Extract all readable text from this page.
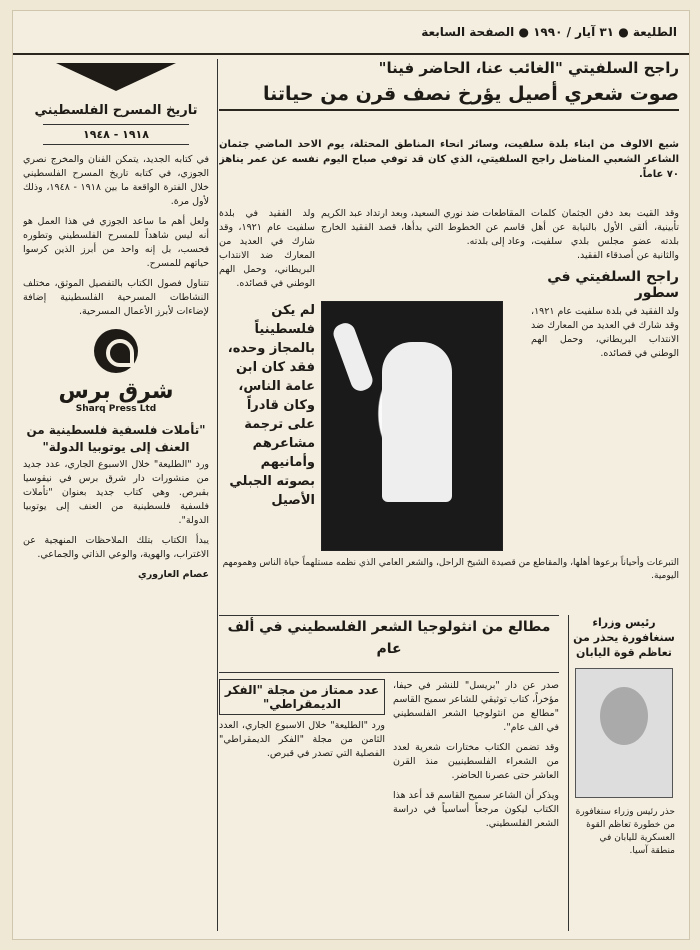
الطليعة ● ٣١ آيار / ١٩٩٠ ● الصفحة السابعة
تاريخ المسرح الفلسطيني
١٩١٨ - ١٩٤٨

في كتابه الجديد، يتمكن الفنان والمخرج نصري الجوزي، في كتابه تاريخ المسرح الفلسطيني خلال الفترة الواقعة ما بين ١٩١٨ - ١٩٤٨، وذلك لأول مرة.

ولعل أهم ما ساعد الجوزي في هذا العمل هو أنه ليس شاهداً للمسرح الفلسطيني وتطوره فحسب، بل إنه واحد من أبرز الذين كرسوا حياتهم للمسرح.

تتناول فصول الكتاب بالتفصيل الموثق، مختلف النشاطات المسرحية الفلسطينية إضافة لإضاءات لأبرز الأعمال المسرحية.

شرق برس
Sharq Press Ltd
"تأملات فلسفية فلسطينية من العنف إلى يوتوبيا الدولة"

ورد "الطليعة" خلال الاسبوع الجاري، عدد جديد من منشورات دار شرق برس في نيقوسيا بقبرص. وهي كتاب جديد بعنوان "تأملات فلسفية فلسطينية من العنف إلى يوتوبيا الدولة".

يبدأ الكتاب بتلك الملاحظات المنهجية عن الاغتراب، والهوية، والوعي الذاتي والجماعي.

عصام العاروري

راجح السلفيتي "الغائب عنا، الحاضر فينا"
صوت شعري أصيل يؤرخ نصف قرن من حياتنا

شيع الالوف من ابناء بلدة سلفيت، وسائر انحاء المناطق المحتلة، يوم الاحد الماضي جثمان الشاعر الشعبي المناضل راجح السلفيتي، الذي كان قد توفي صباح اليوم نفسه عن عمر يناهز ٧٠ عاماً.

وقد القيت بعد دفن الجثمان كلمات تأبينية، ألقى الأول بالنيابة عن أهل بلدته عضو مجلس بلدي سلفيت، والثانية عن أصدقاء الفقيد.

راجح السلفيتي في سطور

ولد الفقيد في بلدة سلفيت عام ١٩٢١، وقد شارك في العديد من المعارك ضد الانتداب البريطاني، وحمل الهم الوطني في قصائده.

المقاطعات ضد نوري السعيد، وبعد ارتداد عبد الكريم قاسم عن الخطوط التي بدأها، قصد الفقيد الخارج وعاد إلى بلدته.

ولد الفقيد في بلدة سلفيت عام ١٩٢١، وقد شارك في العديد من المعارك ضد الانتداب البريطاني، وحمل الهم الوطني في قصائده.

لم يكن فلسطينياً بالمجاز وحده، فقد كان ابن عامة الناس، وكان قادراً على ترجمة مشاعرهم وأمانيهم بصوته الجبلي الأصيل
التبرعات وأحياناً برعوها أهلها، والمقاطع من قصيدة الشيخ الراحل، والشعر العامي الذي نظمه مستلهماً حياة الناس وهمومهم اليومية.
مطالع من انثولوجيا الشعر الفلسطيني في ألف عام

صدر عن دار "بريسل" للنشر في حيفا، مؤخراً، كتاب توثيقي للشاعر سميح القاسم "مطالع من انثولوجيا الشعر الفلسطيني في الف عام".

وقد تضمن الكتاب مختارات شعرية لعدد من الشعراء الفلسطينيين منذ القرن العاشر حتى عصرنا الحاضر.

ويذكر أن الشاعر سميح القاسم قد أعد هذا الكتاب ليكون مرجعاً أساسياً في دراسة الشعر الفلسطيني.

عدد ممتاز من مجلة "الفكر الديمقراطي"

ورد "الطليعة" خلال الاسبوع الجاري، العدد الثامن من مجلة "الفكر الديمقراطي" الفصلية التي تصدر في قبرص.

رئيس وزراء سنغافورة يحذر من تعاظم قوة اليابان

حذر رئيس وزراء سنغافورة من خطورة تعاظم القوة العسكرية لليابان في منطقة آسيا.
